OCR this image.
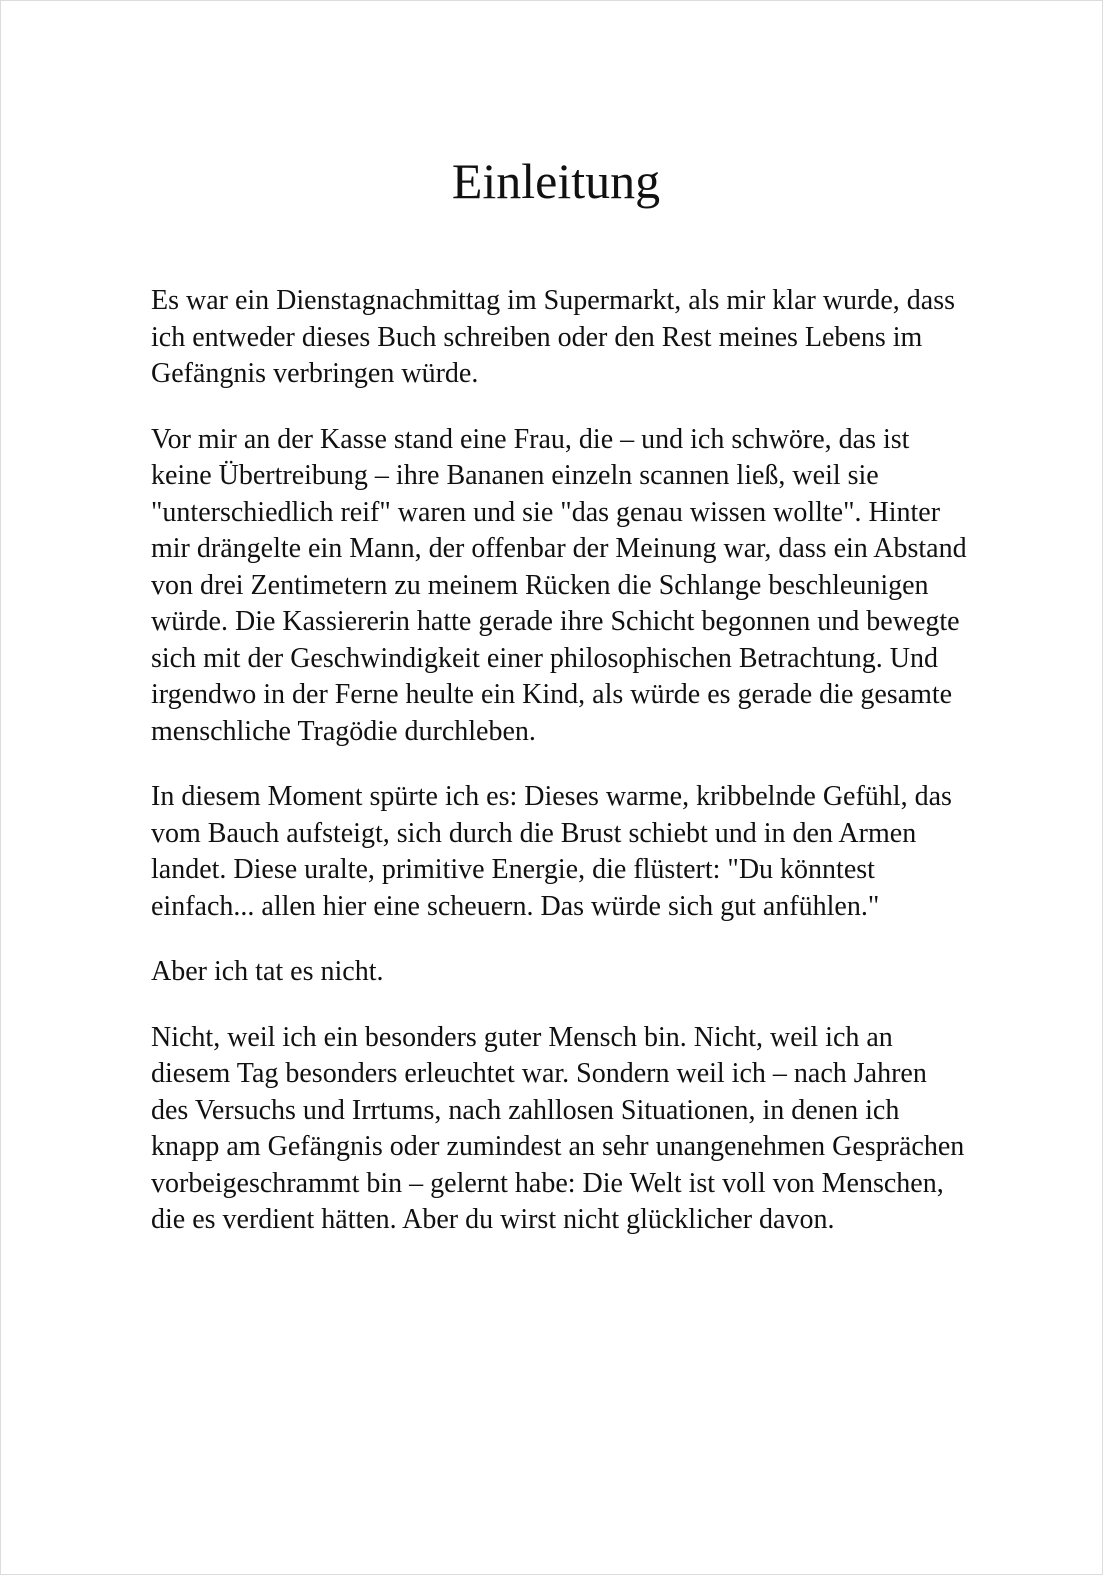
Einleitung

Es war ein Dienstagnachmittag im Supermarkt, als mir klar wurde, dass ich entweder dieses Buch schreiben oder den Rest meines Lebens im Gefängnis verbringen würde.

Vor mir an der Kasse stand eine Frau, die – und ich schwöre, das ist keine Übertreibung – ihre Bananen einzeln scannen ließ, weil sie "unterschiedlich reif" waren und sie "das genau wissen wollte". Hinter mir drängelte ein Mann, der offenbar der Meinung war, dass ein Abstand von drei Zentimetern zu meinem Rücken die Schlange beschleunigen würde. Die Kassiererin hatte gerade ihre Schicht begonnen und bewegte sich mit der Geschwindigkeit einer philosophischen Betrachtung. Und irgendwo in der Ferne heulte ein Kind, als würde es gerade die gesamte menschliche Tragödie durchleben.

In diesem Moment spürte ich es: Dieses warme, kribbelnde Gefühl, das vom Bauch aufsteigt, sich durch die Brust schiebt und in den Armen landet. Diese uralte, primitive Energie, die flüstert: "Du könntest einfach... allen hier eine scheuern. Das würde sich gut anfühlen."

Aber ich tat es nicht.

Nicht, weil ich ein besonders guter Mensch bin. Nicht, weil ich an diesem Tag besonders erleuchtet war. Sondern weil ich – nach Jahren des Versuchs und Irrtums, nach zahllosen Situationen, in denen ich knapp am Gefängnis oder zumindest an sehr unangenehmen Gesprächen vorbeigeschrammt bin – gelernt habe: Die Welt ist voll von Menschen, die es verdient hätten. Aber du wirst nicht glücklicher davon.
